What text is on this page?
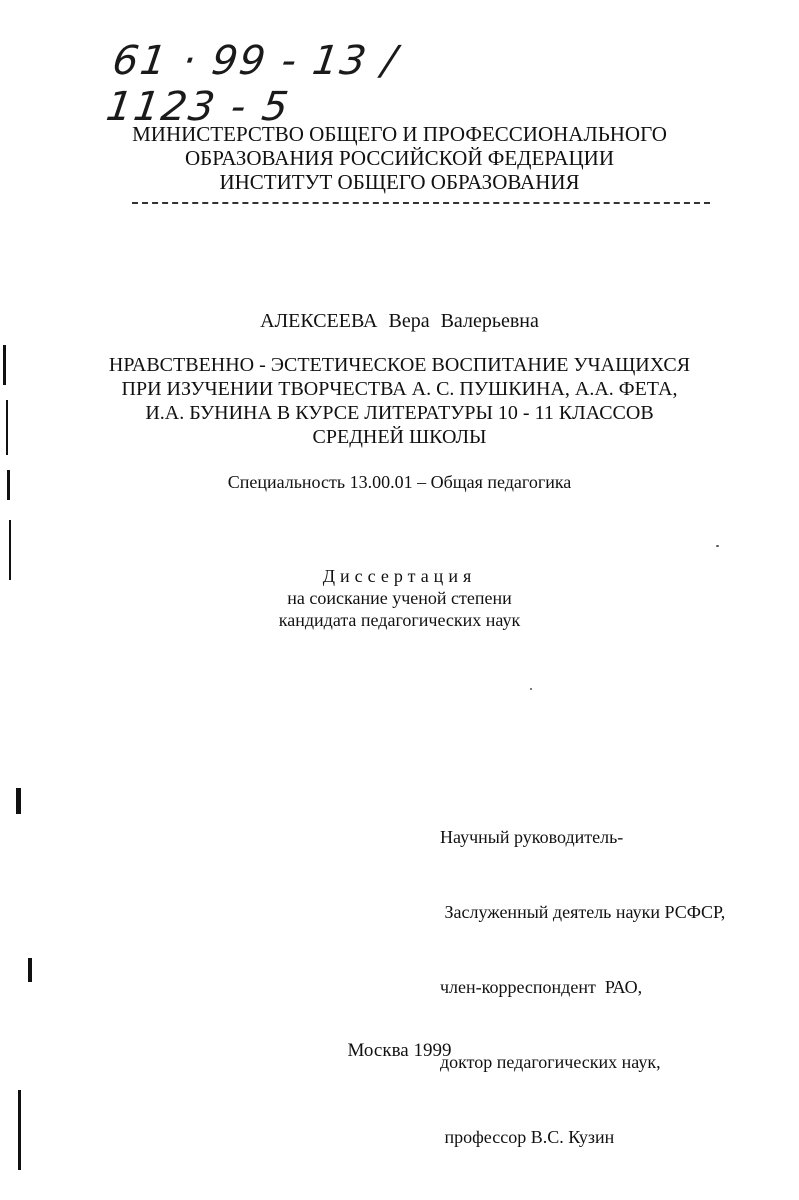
61 · 99 - 13 / 1123 - 5
МИНИСТЕРСТВО ОБЩЕГО И ПРОФЕССИОНАЛЬНОГО
ОБРАЗОВАНИЯ РОССИЙСКОЙ ФЕДЕРАЦИИ
ИНСТИТУТ ОБЩЕГО ОБРАЗОВАНИЯ
АЛЕКСЕЕВА Вера Валерьевна
НРАВСТВЕННО - ЭСТЕТИЧЕСКОЕ ВОСПИТАНИЕ УЧАЩИХСЯ
ПРИ ИЗУЧЕНИИ ТВОРЧЕСТВА А. С. ПУШКИНА, А.А. ФЕТА,
И.А. БУНИНА В КУРСЕ ЛИТЕРАТУРЫ 10 - 11 КЛАССОВ
СРЕДНЕЙ ШКОЛЫ
Специальность 13.00.01 – Общая педагогика
Диссертация
на соискание ученой степени
кандидата педагогических наук

Научный руководитель-

Заслуженный деятель науки РСФСР,

член-корреспондент  РАО,

доктор педагогических наук,

профессор В.С. Кузин

Москва 1999
